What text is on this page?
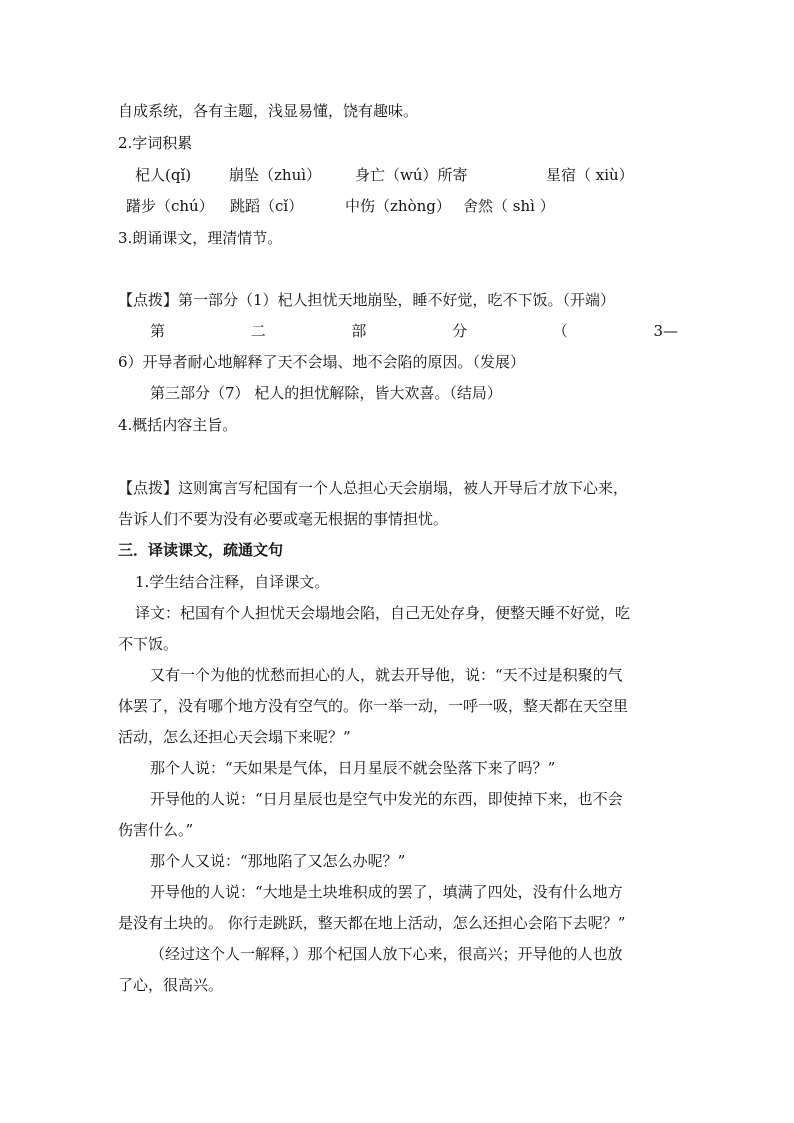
自成系统，各有主题，浅显易懂，饶有趣味。
2.字词积累
杞人(qǐ)	崩坠（zhuì） 身亡（wú）所寄	星宿（ xiù）
躇步（chú） 跳蹈（cǐ）	中伤（zhòng） 舍然（ shì ）
3.朗诵课文，理清情节。
【点拨】第一部分（1）杞人担忧天地崩坠，睡不好觉，吃不下饭。（开端）
第	二	部	分	（	3—
6）开导者耐心地解释了天不会塌、地不会陷的原因。（发展）
第三部分（7） 杞人的担忧解除，皆大欢喜。（结局）
4.概括内容主旨。
【点拨】这则寓言写杞国有一个人总担心天会崩塌，被人开导后才放下心来，
告诉人们不要为没有必要或毫无根据的事情担忧。
三．译读课文，疏通文句
1.学生结合注释，自译课文。
译文：杞国有个人担忧天会塌地会陷，自己无处存身，便整天睡不好觉，吃
不下饭。
又有一个为他的忧愁而担心的人，就去开导他，说：“天不过是积聚的气
体罢了，没有哪个地方没有空气的。你一举一动，一呼一吸，整天都在天空里
活动，怎么还担心天会塌下来呢？”
那个人说：“天如果是气体，日月星辰不就会坠落下来了吗？”
开导他的人说：“日月星辰也是空气中发光的东西，即使掉下来，也不会
伤害什么。”
那个人又说：“那地陷了又怎么办呢？”
开导他的人说：“大地是土块堆积成的罢了，填满了四处，没有什么地方
是没有土块的。 你行走跳跃，整天都在地上活动，怎么还担心会陷下去呢？”
（经过这个人一解释，）那个杞国人放下心来，很高兴；开导他的人也放
了心，很高兴。
